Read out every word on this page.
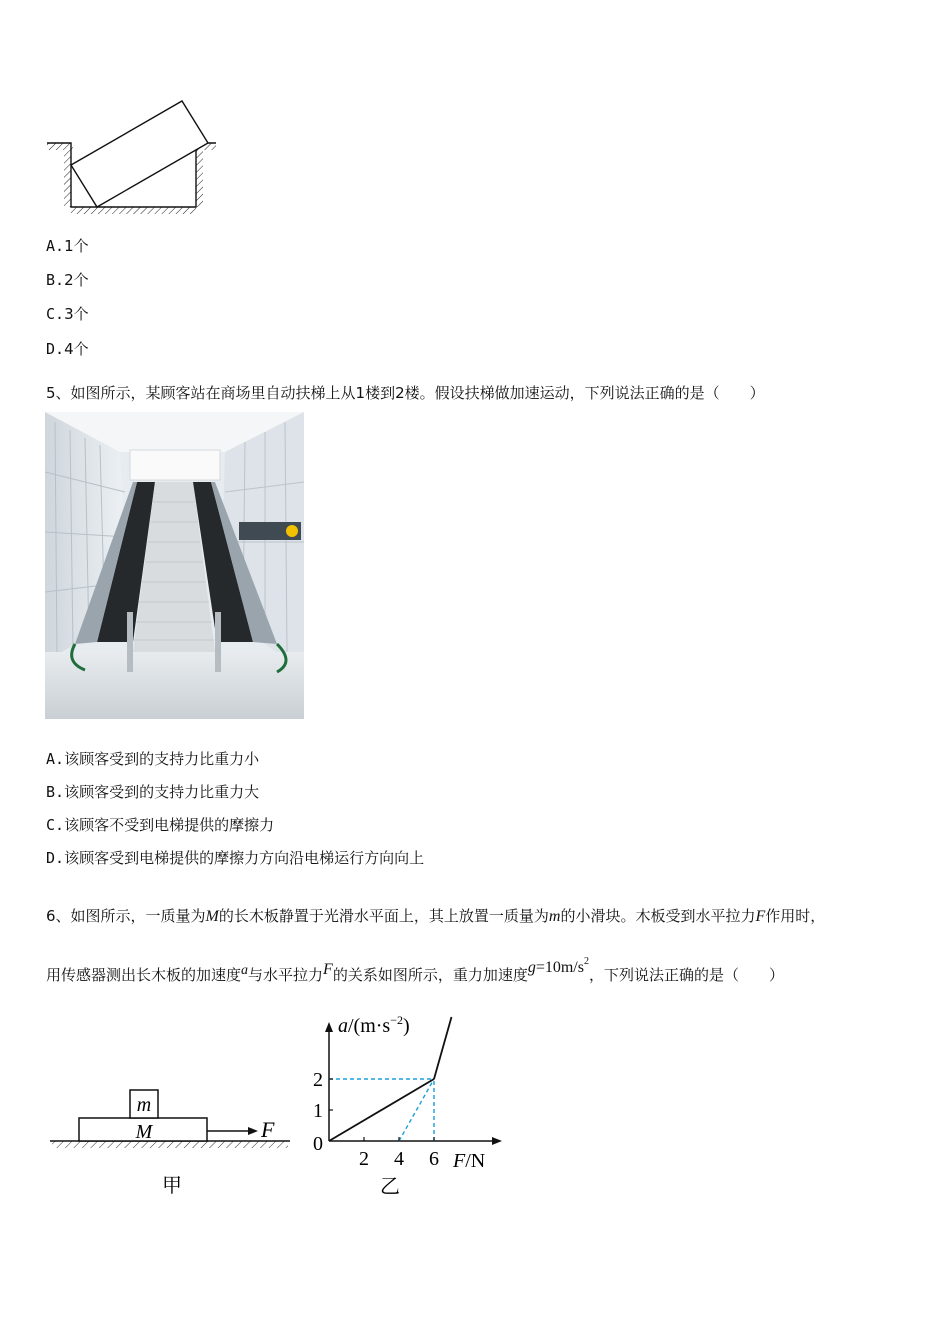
A.1个
B.2个
C.3个
D.4个
5、如图所示，某顾客站在商场里自动扶梯上从1楼到2楼。假设扶梯做加速运动，下列说法正确的是（　　）
A.该顾客受到的支持力比重力小
B.该顾客受到的支持力比重力大
C.该顾客不受到电梯提供的摩擦力
D.该顾客受到电梯提供的摩擦力方向沿电梯运行方向向上
6、如图所示，一质量为M的长木板静置于光滑水平面上，其上放置一质量为m的小滑块。木板受到水平拉力F作用时，
用传感器测出长木板的加速度a与水平拉力F的关系如图所示，重力加速度$g=10m/s^2$，下列说法正确的是（　　）
m
M	F
甲
2 4 6
1
2
$a/(m\cdot s^{-2})$
F/N
0
乙
